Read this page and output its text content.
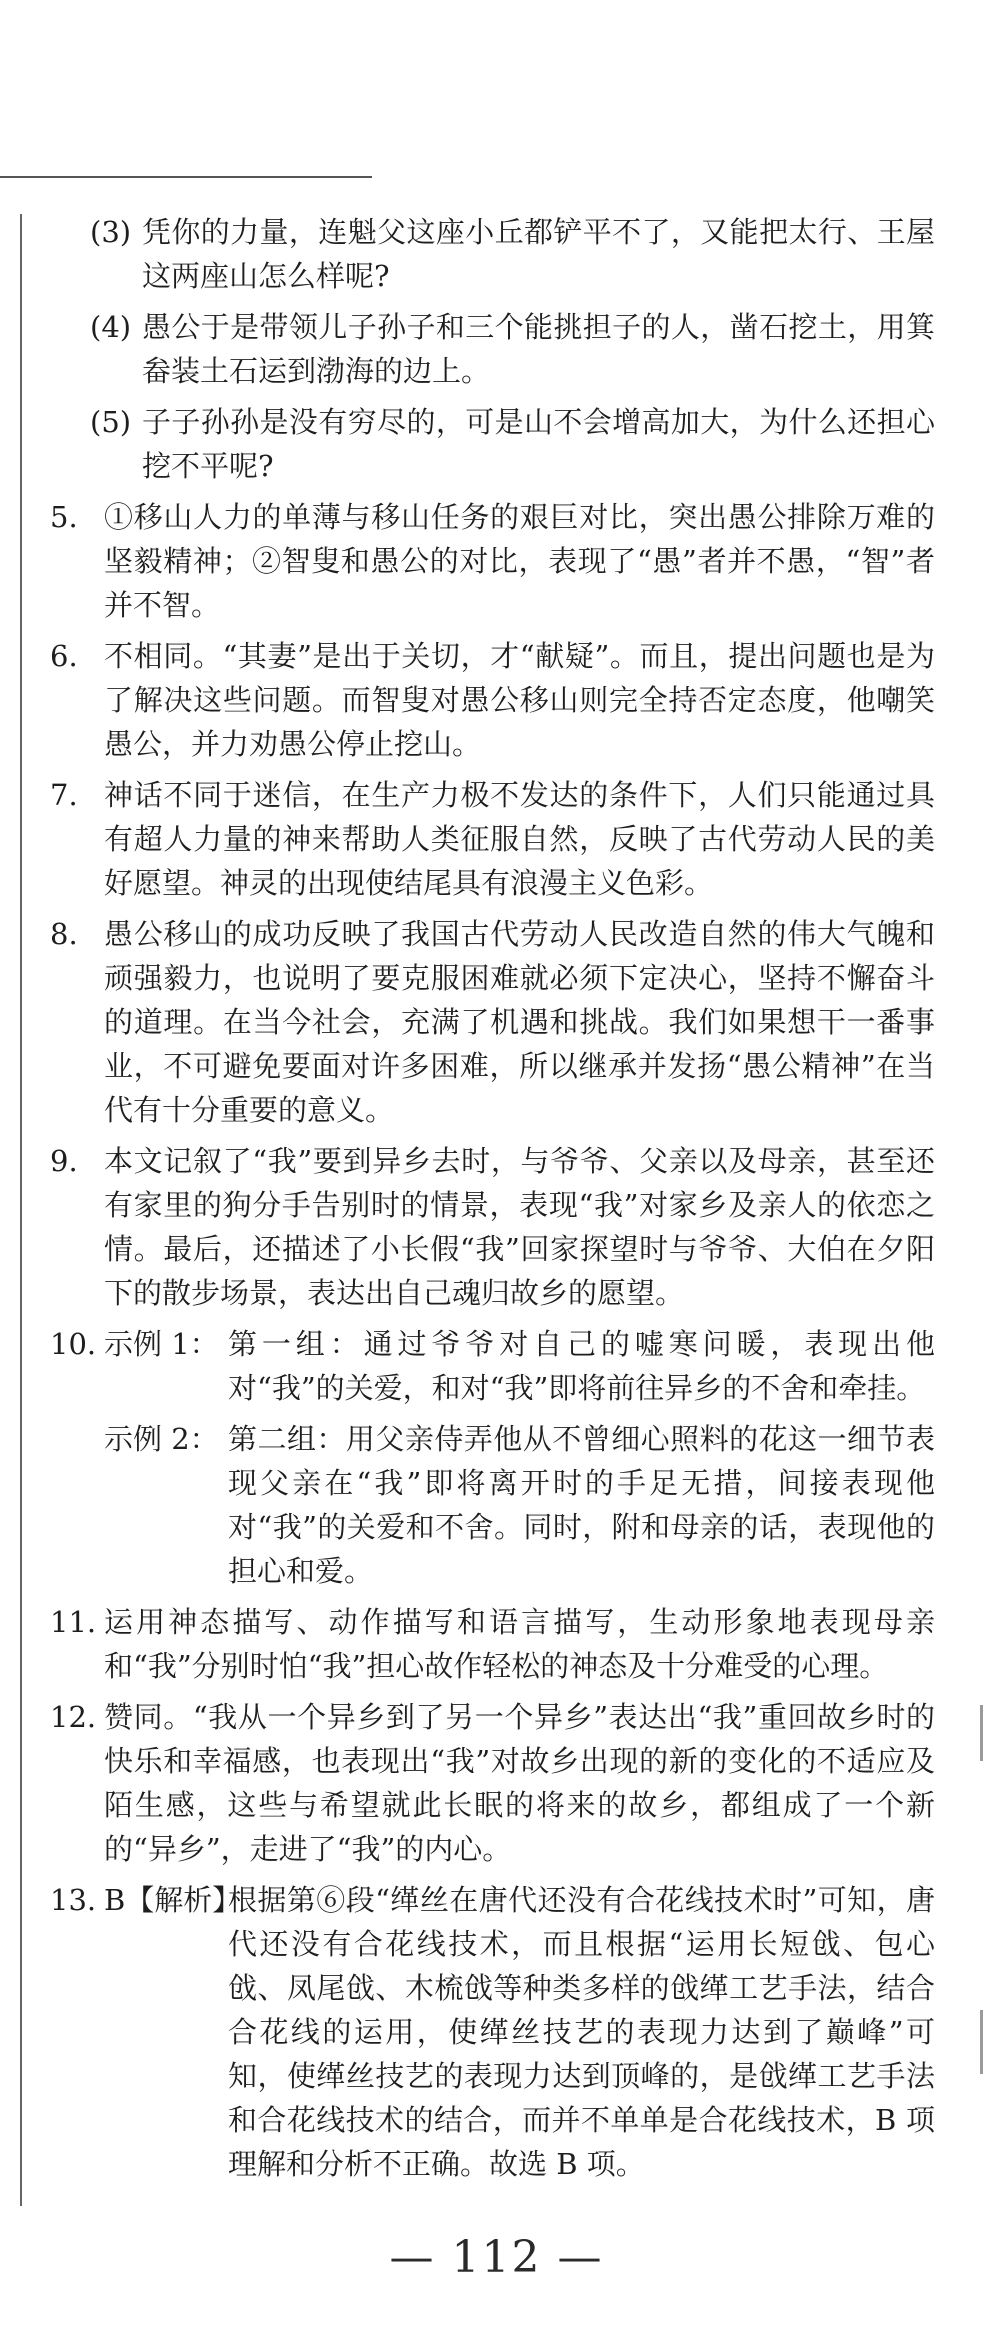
(3) 凭你的力量，连魁父这座小丘都铲平不了，又能把太行、王屋这两座山怎么样呢?
(4) 愚公于是带领儿子孙子和三个能挑担子的人，凿石挖土，用箕畚装土石运到渤海的边上。
(5) 子子孙孙是没有穷尽的，可是山不会增高加大，为什么还担心挖不平呢?
5. ①移山人力的单薄与移山任务的艰巨对比，突出愚公排除万难的坚毅精神；②智叟和愚公的对比，表现了“愚”者并不愚，“智”者并不智。
6. 不相同。“其妻”是出于关切，才“献疑”。而且，提出问题也是为了解决这些问题。而智叟对愚公移山则完全持否定态度，他嘲笑愚公，并力劝愚公停止挖山。
7. 神话不同于迷信，在生产力极不发达的条件下，人们只能通过具有超人力量的神来帮助人类征服自然，反映了古代劳动人民的美好愿望。神灵的出现使结尾具有浪漫主义色彩。
8. 愚公移山的成功反映了我国古代劳动人民改造自然的伟大气魄和顽强毅力，也说明了要克服困难就必须下定决心，坚持不懈奋斗的道理。在当今社会，充满了机遇和挑战。我们如果想干一番事业，不可避免要面对许多困难，所以继承并发扬“愚公精神”在当代有十分重要的意义。
9. 本文记叙了“我”要到异乡去时，与爷爷、父亲以及母亲，甚至还有家里的狗分手告别时的情景，表现“我”对家乡及亲人的依恋之情。最后，还描述了小长假“我”回家探望时与爷爷、大伯在夕阳下的散步场景，表达出自己魂归故乡的愿望。
10. 示例 1： 第一组：通过爷爷对自己的嘘寒问暖，表现出他对“我”的关爱，和对“我”即将前往异乡的不舍和牵挂。
示例 2： 第二组：用父亲侍弄他从不曾细心照料的花这一细节表现父亲在“我”即将离开时的手足无措，间接表现他对“我”的关爱和不舍。同时，附和母亲的话，表现他的担心和爱。
11. 运用神态描写、动作描写和语言描写，生动形象地表现母亲和“我”分别时怕“我”担心故作轻松的神态及十分难受的心理。
12. 赞同。“我从一个异乡到了另一个异乡”表达出“我”重回故乡时的快乐和幸福感，也表现出“我”对故乡出现的新的变化的不适应及陌生感，这些与希望就此长眠的将来的故乡，都组成了一个新的“异乡”，走进了“我”的内心。
13. B【解析】
根据第⑥段“缂丝在唐代还没有合花线技术时”可知，唐代还没有合花线技术，而且根据“运用长短戗、包心戗、凤尾戗、木梳戗等种类多样的戗缂工艺手法，结合合花线的运用，使缂丝技艺的表现力达到了巅峰”可知，使缂丝技艺的表现力达到顶峰的，是戗缂工艺手法和合花线技术的结合，而并不单单是合花线技术，B 项理解和分析不正确。故选 B 项。
— 112 —
